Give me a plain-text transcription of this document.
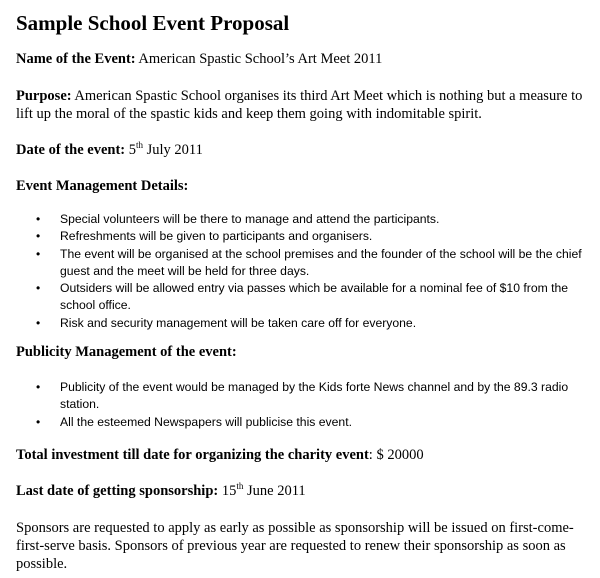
Sample School Event Proposal

Name of the Event: American Spastic School’s Art Meet 2011

Purpose: American Spastic School organises its third Art Meet which is nothing but a measure to lift up the moral of the spastic kids and keep them going with indomitable spirit.

Date of the event: 5th July 2011

Event Management Details:

• Special volunteers will be there to manage and attend the participants.
• Refreshments will be given to participants and organisers.
• The event will be organised at the school premises and the founder of the school will be the chief guest and the meet will be held for three days.
• Outsiders will be allowed entry via passes which be available for a nominal fee of $10 from the school office.
• Risk and security management will be taken care off for everyone.

Publicity Management of the event:

• Publicity of the event would be managed by the Kids forte News channel and by the 89.3 radio station.
• All the esteemed Newspapers will publicise this event.

Total investment till date for organizing the charity event: $ 20000

Last date of getting sponsorship: 15th June 2011

Sponsors are requested to apply as early as possible as sponsorship will be issued on first-come-first-serve basis. Sponsors of previous year are requested to renew their sponsorship as soon as possible.
